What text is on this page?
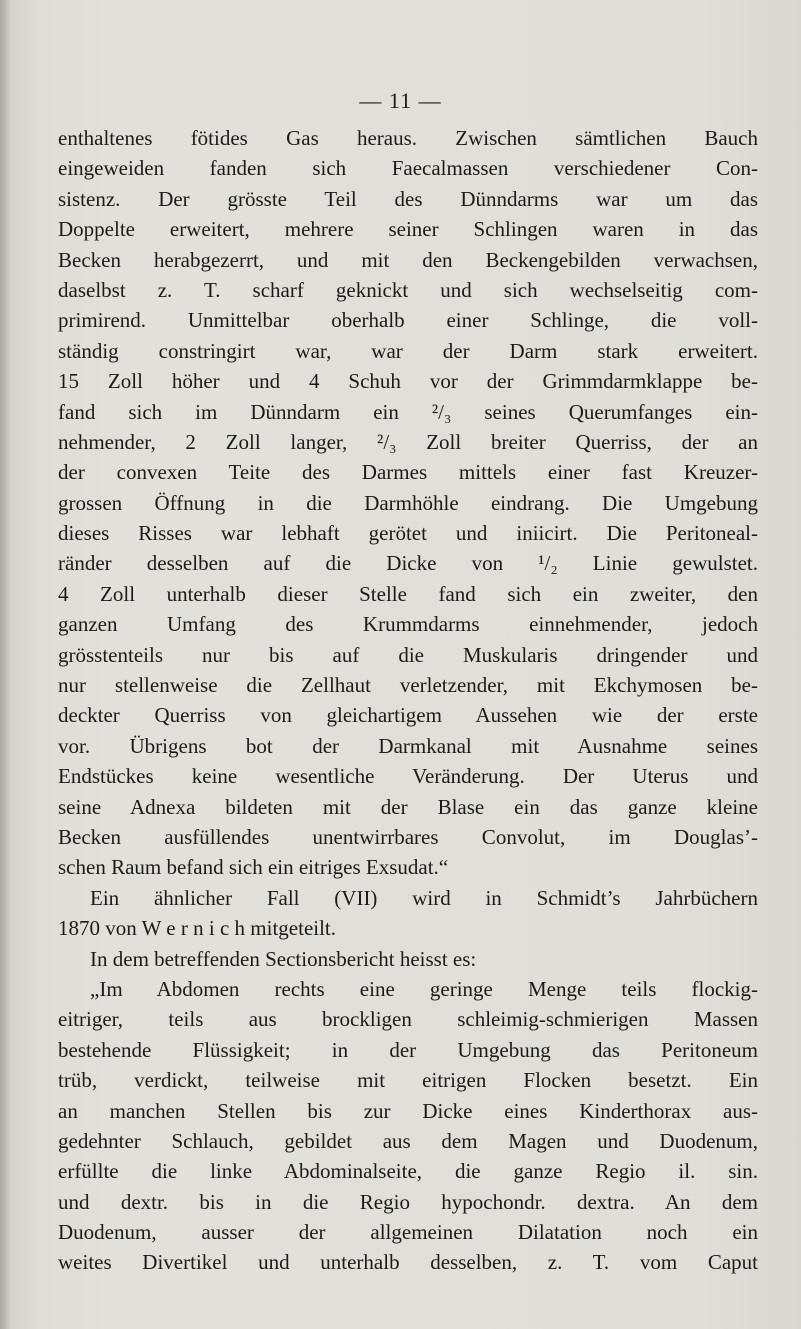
— 11 —
enthaltenes fötides Gas heraus. Zwischen sämtlichen Bauch
eingeweiden fanden sich Faecalmassen verschiedener Con-
sistenz. Der grösste Teil des Dünndarms war um das
Doppelte erweitert, mehrere seiner Schlingen waren in das
Becken herabgezerrt, und mit den Beckengebilden verwachsen,
daselbst z. T. scharf geknickt und sich wechselseitig com-
primirend. Unmittelbar oberhalb einer Schlinge, die voll-
ständig constringirt war, war der Darm stark erweitert.
15 Zoll höher und 4 Schuh vor der Grimmdarmklappe be-
fand sich im Dünndarm ein ²/₃ seines Querumfanges ein-
nehmender, 2 Zoll langer, ²/₃ Zoll breiter Querriss, der an
der convexen Teite des Darmes mittels einer fast Kreuzer-
grossen Öffnung in die Darmhöhle eindrang. Die Umgebung
dieses Risses war lebhaft gerötet und iniicirt. Die Peritoneal-
ränder desselben auf die Dicke von ¹/₂ Linie gewulstet.
4 Zoll unterhalb dieser Stelle fand sich ein zweiter, den
ganzen Umfang des Krummdarms einnehmender, jedoch
grösstenteils nur bis auf die Muskularis dringender und
nur stellenweise die Zellhaut verletzender, mit Ekchymosen be-
deckter Querriss von gleichartigem Aussehen wie der erste
vor. Übrigens bot der Darmkanal mit Ausnahme seines
Endstückes keine wesentliche Veränderung. Der Uterus und
seine Adnexa bildeten mit der Blase ein das ganze kleine
Becken ausfüllendes unentwirrbares Convolut, im Douglas’-
schen Raum befand sich ein eitriges Exsudat.“
Ein ähnlicher Fall (VII) wird in Schmidt’s Jahrbüchern
1870 von W e r n i c h mitgeteilt.
In dem betreffenden Sectionsbericht heisst es:
„Im Abdomen rechts eine geringe Menge teils flockig-
eitriger, teils aus brockligen schleimig-schmierigen Massen
bestehende Flüssigkeit; in der Umgebung das Peritoneum
trüb, verdickt, teilweise mit eitrigen Flocken besetzt. Ein
an manchen Stellen bis zur Dicke eines Kinderthorax aus-
gedehnter Schlauch, gebildet aus dem Magen und Duodenum,
erfüllte die linke Abdominalseite, die ganze Regio il. sin.
und dextr. bis in die Regio hypochondr. dextra. An dem
Duodenum, ausser der allgemeinen Dilatation noch ein
weites Divertikel und unterhalb desselben, z. T. vom Caput
